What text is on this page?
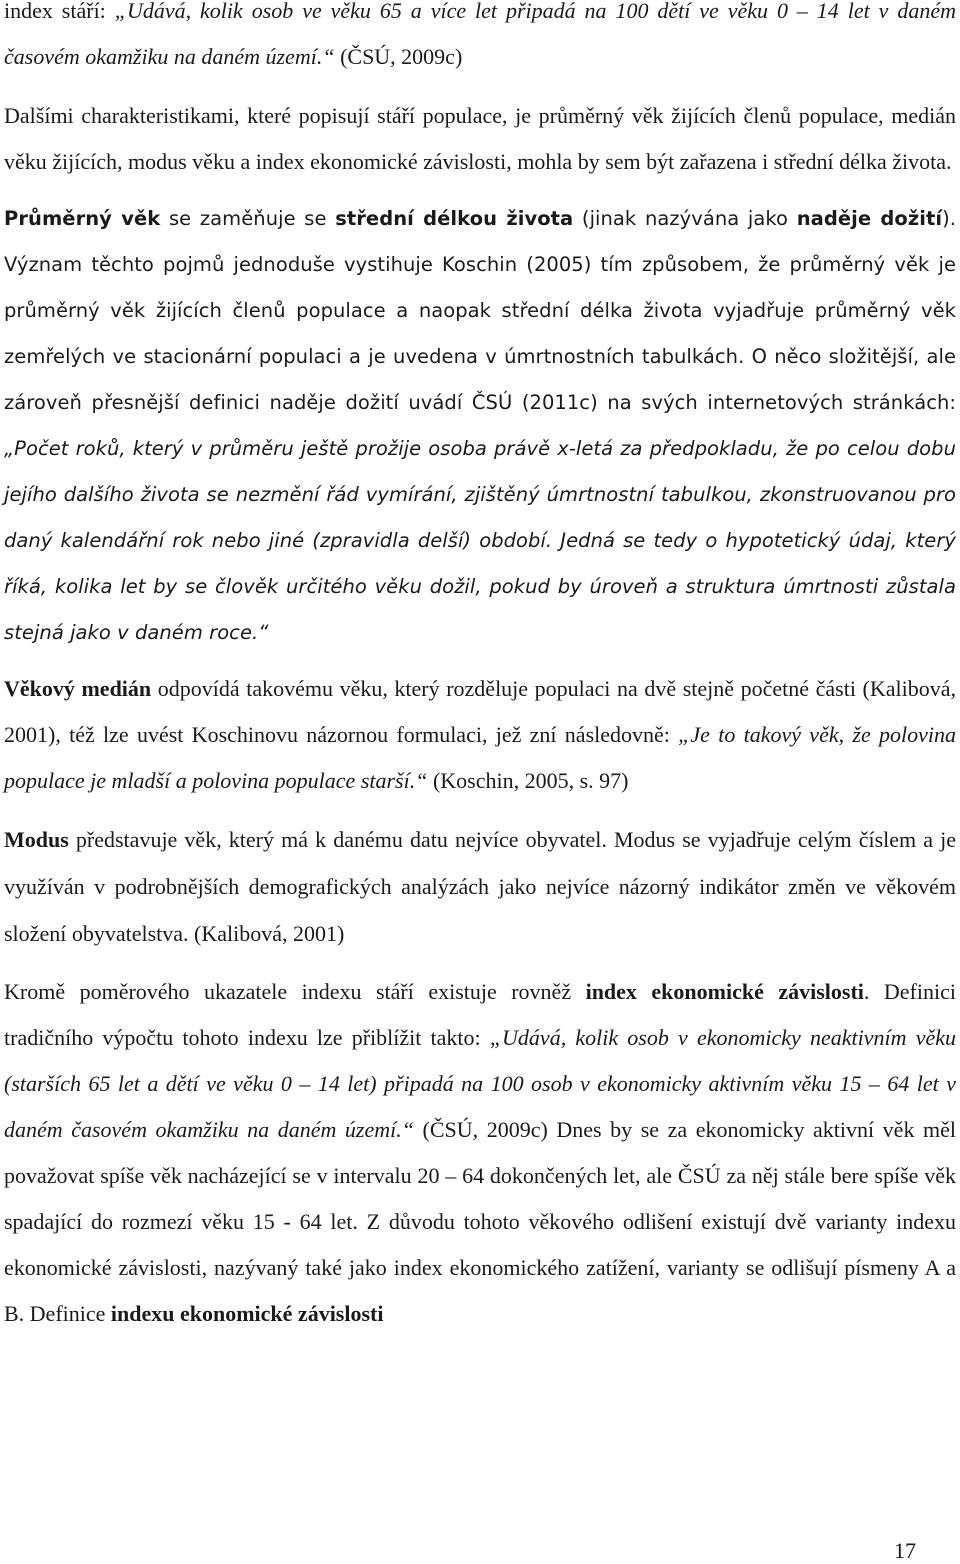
index stáří: „Udává, kolik osob ve věku 65 a více let připadá na 100 dětí ve věku 0 – 14 let v daném časovém okamžiku na daném území.“ (ČSÚ, 2009c)

Dalšími charakteristikami, které popisují stáří populace, je průměrný věk žijících členů populace, medián věku žijících, modus věku a index ekonomické závislosti, mohla by sem být zařazena i střední délka života.

Průměrný věk se zaměňuje se střední délkou života (jinak nazývána jako naděje dožití). Význam těchto pojmů jednoduše vystihuje Koschin (2005) tím způsobem, že průměrný věk je průměrný věk žijících členů populace a naopak střední délka života vyjadřuje průměrný věk zemřelých ve stacionární populaci a je uvedena v úmrtnostních tabulkách. O něco složitější, ale zároveň přesnější definici naděje dožití uvádí ČSÚ (2011c) na svých internetových stránkách: „Počet roků, který v průměru ještě prožije osoba právě x-letá za předpokladu, že po celou dobu jejího dalšího života se nezmění řád vymírání, zjištěný úmrtnostní tabulkou, zkonstruovanou pro daný kalendářní rok nebo jiné (zpravidla delší) období. Jedná se tedy o hypotetický údaj, který říká, kolika let by se člověk určitého věku dožil, pokud by úroveň a struktura úmrtnosti zůstala stejná jako v daném roce.“

Věkový medián odpovídá takovému věku, který rozděluje populaci na dvě stejně početné části (Kalibová, 2001), též lze uvést Koschinovu názornou formulaci, jež zní následovně: „Je to takový věk, že polovina populace je mladší a polovina populace starší.“ (Koschin, 2005, s. 97)

Modus představuje věk, který má k danému datu nejvíce obyvatel. Modus se vyjadřuje celým číslem a je využíván v podrobnějších demografických analýzách jako nejvíce názorný indikátor změn ve věkovém složení obyvatelstva. (Kalibová, 2001)

Kromě poměrového ukazatele indexu stáří existuje rovněž index ekonomické závislosti. Definici tradičního výpočtu tohoto indexu lze přiblížit takto: „Udává, kolik osob v ekonomicky neaktivním věku (starších 65 let a dětí ve věku 0 – 14 let) připadá na 100 osob v ekonomicky aktivním věku 15 – 64 let v daném časovém okamžiku na daném území.“ (ČSÚ, 2009c) Dnes by se za ekonomicky aktivní věk měl považovat spíše věk nacházející se v intervalu 20 – 64 dokončených let, ale ČSÚ za něj stále bere spíše věk spadající do rozmezí věku 15 - 64 let. Z důvodu tohoto věkového odlišení existují dvě varianty indexu ekonomické závislosti, nazývaný také jako index ekonomického zatížení, varianty se odlišují písmeny A a B. Definice indexu ekonomické závislosti

17
